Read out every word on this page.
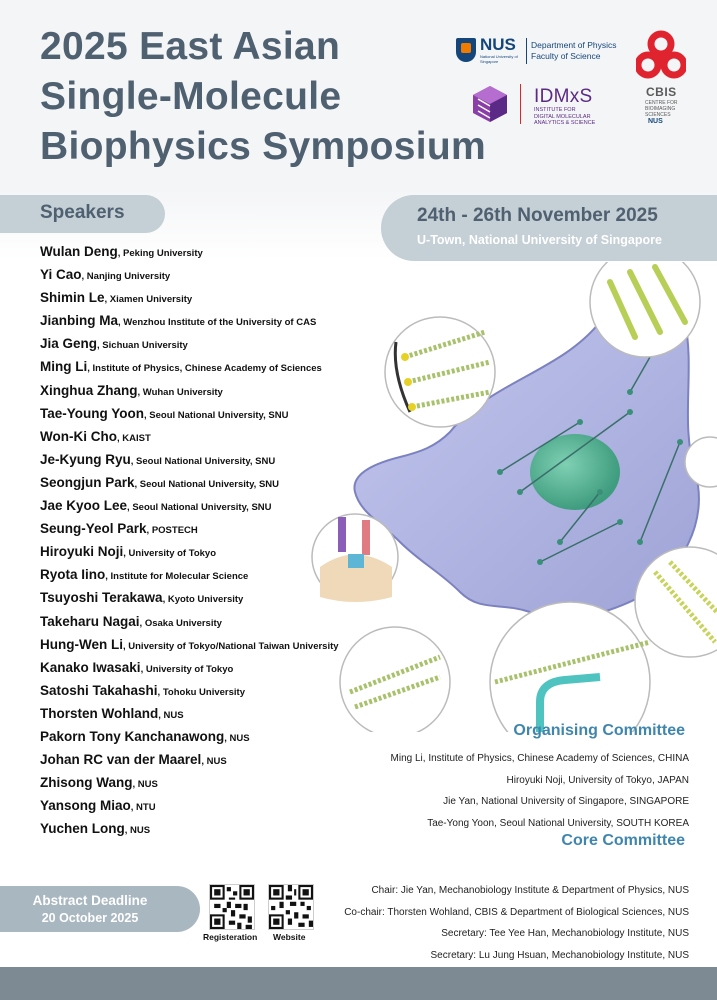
2025 East Asian
Single-Molecule
Biophysics Symposium
NUS
National University of Singapore
Department of Physics
Faculty of Science
CBIS
CENTRE FOR
BIOIMAGING
SCIENCES
NUS
IDMxS
INSTITUTE FOR
DIGITAL MOLECULAR
ANALYTICS & SCIENCE
Speakers	24th - 26th November 2025
U-Town, National University of Singapore
Wulan Deng, Peking University
Yi Cao, Nanjing University
Shimin Le, Xiamen University
Jianbing Ma, Wenzhou Institute of the University of CAS
Jia Geng, Sichuan University
Ming Li, Institute of Physics, Chinese Academy of Sciences
Xinghua Zhang, Wuhan University
Tae-Young Yoon, Seoul National University, SNU
Won-Ki Cho, KAIST
Je-Kyung Ryu, Seoul National University, SNU
Seongjun Park, Seoul National University, SNU
Jae Kyoo Lee, Seoul National University, SNU
Seung-Yeol Park, POSTECH
Hiroyuki Noji, University of Tokyo
Ryota Iino, Institute for Molecular Science
Tsuyoshi Terakawa, Kyoto University
Takeharu Nagai, Osaka University
Hung-Wen Li, University of Tokyo/National Taiwan University
Kanako Iwasaki, University of Tokyo
Satoshi Takahashi, Tohoku University
Thorsten Wohland, NUS
Pakorn Tony Kanchanawong, NUS
Johan RC van der Maarel, NUS
Zhisong Wang, NUS
Yansong Miao, NTU
Yuchen Long, NUS
Organising Committee
Ming Li, Institute of Physics, Chinese Academy of Sciences, CHINA
Hiroyuki Noji, University of Tokyo, JAPAN
Jie Yan, National University of Singapore, SINGAPORE
Tae-Yong Yoon, Seoul National University, SOUTH KOREA
Core Committee
Chair: Jie Yan, Mechanobiology Institute & Department of Physics, NUS
Co-chair: Thorsten Wohland, CBIS & Department of Biological Sciences, NUS
Secretary: Tee Yee Han, Mechanobiology Institute, NUS
Secretary: Lu Jung Hsuan, Mechanobiology Institute, NUS
Abstract Deadline
20 October 2025
Registeration Website
